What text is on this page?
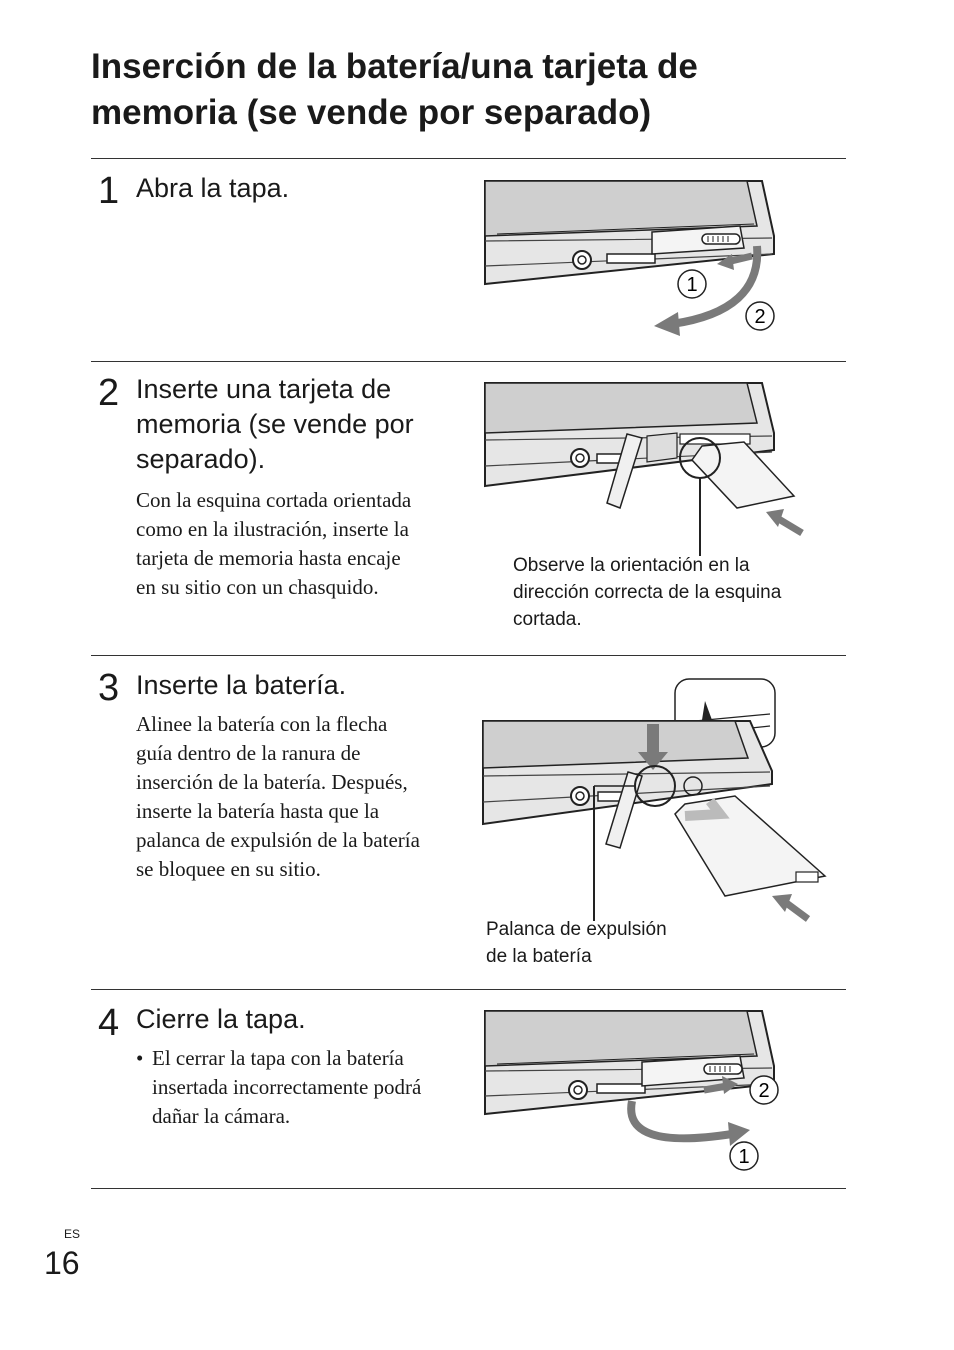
Inserción de la batería/una tarjeta de
memoria (se vende por separado)
1 Abra la tapa.
1
2
2 Inserte una tarjeta de
memoria (se vende por
separado).
Con la esquina cortada orientada
como en la ilustración, inserte la
tarjeta de memoria hasta encaje
en su sitio con un chasquido.
Observe la orientación en la
dirección correcta de la esquina
cortada.
3 Inserte la batería.
Alinee la batería con la flecha
guía dentro de la ranura de
inserción de la batería. Después,
inserte la batería hasta que la
palanca de expulsión de la batería
se bloquee en su sitio.
Palanca de expulsión
de la batería
4 Cierre la tapa.
• El cerrar la tapa con la batería
insertada incorrectamente podrá
dañar la cámara.
2
1
ES
16
